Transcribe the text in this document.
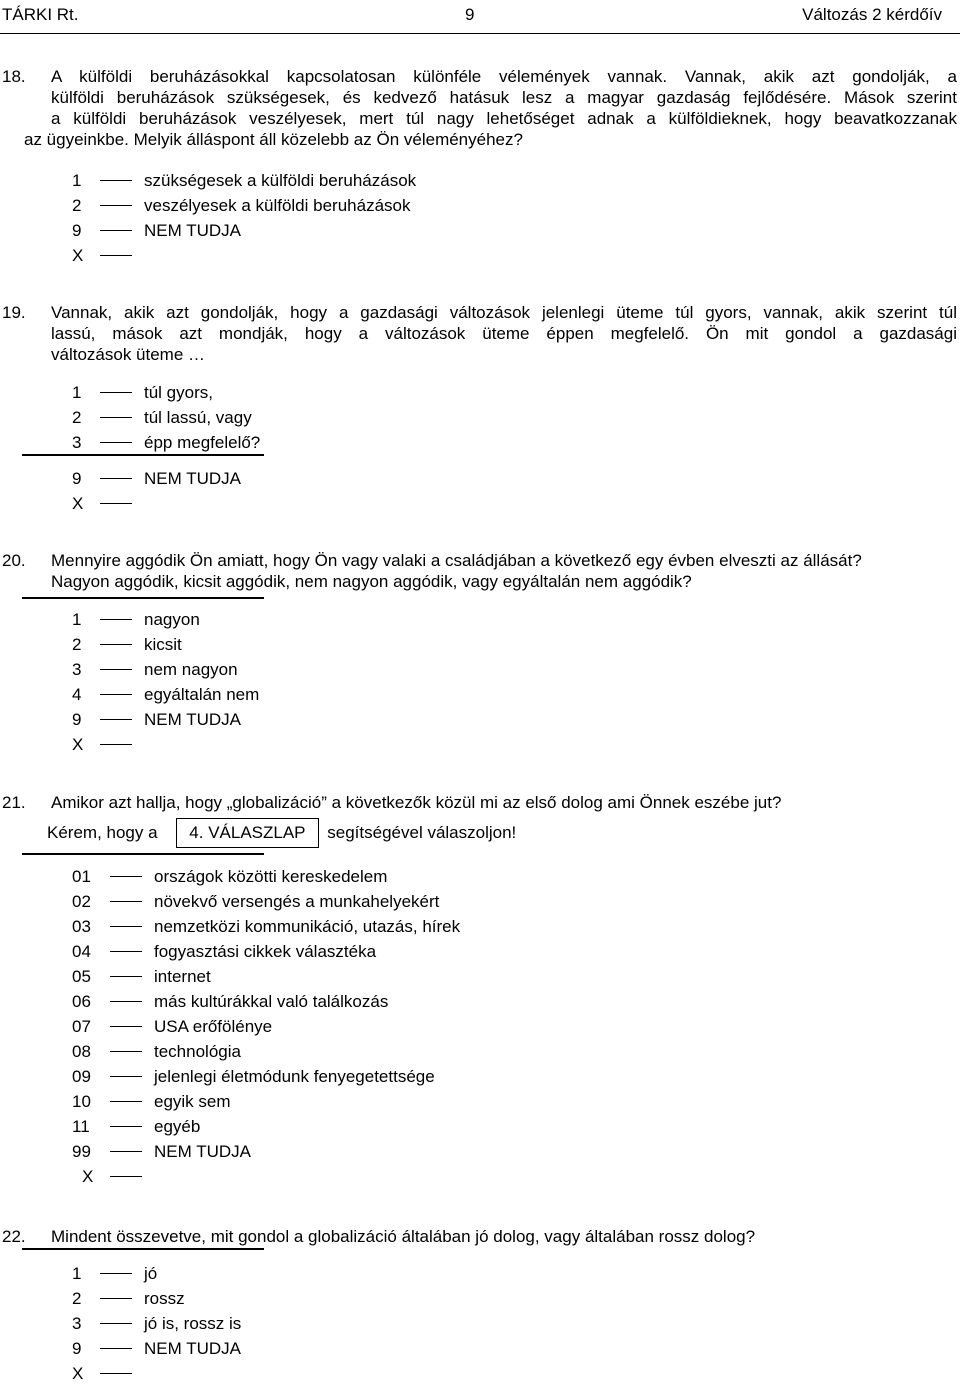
TÁRKI Rt.	9	Változás 2 kérdőív
18. A külföldi beruházásokkal kapcsolatosan különféle vélemények vannak. Vannak, akik azt gondolják, a
külföldi beruházások szükségesek, és kedvező hatásuk lesz a magyar gazdaság fejlődésére. Mások szerint
a külföldi beruházások veszélyesek, mert túl nagy lehetőséget adnak a külföldieknek, hogy beavatkozzanak
az ügyeinkbe. Melyik álláspont áll közelebb az Ön véleményéhez?
1	szükségesek a külföldi beruházások
2	veszélyesek a külföldi beruházások
9	NEM TUDJA
X
19. Vannak, akik azt gondolják, hogy a gazdasági változások jelenlegi üteme túl gyors, vannak, akik szerint túl
lassú, mások azt mondják, hogy a változások üteme éppen megfelelő. Ön mit gondol a gazdasági
változások üteme …
1	túl gyors,
2	túl lassú, vagy
3	épp megfelelő?
9	NEM TUDJA
X
20. Mennyire aggódik Ön amiatt, hogy Ön vagy valaki a családjában a következő egy évben elveszti az állását?
Nagyon aggódik, kicsit aggódik, nem nagyon aggódik, vagy egyáltalán nem aggódik?
1	nagyon
2	kicsit
3	nem nagyon
4	egyáltalán nem
9	NEM TUDJA
X
21. Amikor azt hallja, hogy „globalizáció” a következők közül mi az első dolog ami Önnek eszébe jut?
Kérem, hogy a 4. VÁLASZLAP segítségével válaszoljon!
01	országok közötti kereskedelem
02	növekvő versengés a munkahelyekért
03	nemzetközi kommunikáció, utazás, hírek
04	fogyasztási cikkek választéka
05	internet
06	más kultúrákkal való találkozás
07	USA erőfölénye
08	technológia
09	jelenlegi életmódunk fenyegetettsége
10	egyik sem
11	egyéb
99	NEM TUDJA
X
22. Mindent összevetve, mit gondol a globalizáció általában jó dolog, vagy általában rossz dolog?
1	jó
2	rossz
3	jó is, rossz is
9	NEM TUDJA
X
